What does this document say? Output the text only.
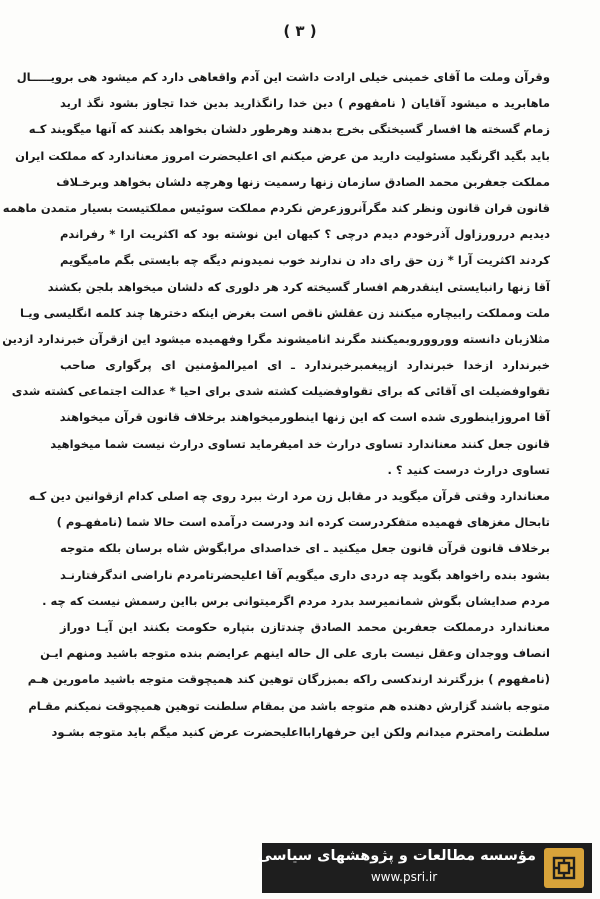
( ۳ )
وقرآن وملت ما آقای خمینی خیلی ارادت داشت این آدم واقعاهی دارد کم میشود هی برویـــــال
ماهابرید ه میشود آقایان ( نامفهوم ) دین خدا رانگذارید بدین خدا تجاوز بشود نگذ ارید
زمام گسخته ها افسار گسیختگی بخرج بدهند وهرطور دلشان بخواهد بکنند که آنها میگویند کـه
باید بگید اگرنگید مسئولیت دارید من عرض میکنم ای اعلیحضرت امروز معناندارد که مملکت ایران
مملکت جعفربن محمد الصادق سازمان زنها رسمیت زنها وهرچه دلشان بخواهد وبرخـلاف
قانون قران قانون ونظر کند مگرآنروزعرض نکردم مملکت سوئیس مملکتیست بسیار متمدن ماهمه
دیدیم دررورزاول آذرخودم دیدم درچی ؟ کیهان این نوشته بود که اکثریت ارا * رفراندم
کردند اکثریت آرا * زن حق رای داد ن ندارند خوب نمیدونم دیگه چه بایستی بگم مامیگویم
آقا زنها رانبایستی اینقدرهم افسار گسیخته کرد هر دلوری که دلشان میخواهد بلجن بکشند
ملت ومملکت رابیچاره میکنند زن عقلش ناقص است بغرض اینکه دخترها چند کلمه انگلیسی ویـا
مثلازبان دانسته وورووروبمیکنند مگرند انامیشوند مگرا وفهمیده میشود این ازقرآن خبرندارد ازدین
خبرندارد ازخدا خبرندارد ازپیغمبرخبرندارد ـ ای امیرالمؤمنین ای پرگواری صاحب
تقواوفضیلت ای آقائی که برای تقواوفضیلت کشته شدی برای احیا * عدالت اجتماعی کشته شدی
آقا امروزاینطوری شده است که این زنها اینطورمیخواهند برخلاف قانون قرآن میخواهند
قانون جعل کنند معناندارد تساوی درارث خد امیفرماید تساوی درارث نیست شما میخواهید
تساوی درارث درست کنید ؟ .
معناندارد وقتی قرآن میگوید در مقابل زن مرد ارث ببرد روی چه اصلی کدام ازقوانین دین کـه
تابحال مغزهای فهمیده متفکردرست کرده اند ودرست درآمده است حالا شما (نامفهـوم )
برخلاف قانون قرآن قانون جعل میکنید ـ ای خداصدای مرابگوش شاه برسان بلکه متوجه
بشود بنده راخواهد بگوید چه دردی داری میگویم آقا اعلیحضرتامردم ناراضی اندگرفتارنـد
مردم صدایشان بگوش شمانمیرسد بدرد مردم اگرمیتوانی برس بااین رسمش نیست که چه .
معناندارد درمملکت جعفربن محمد الصادق چندتازن بتپاره حکومت بکنند این آیـا دوراز
انصاف ووجدان وعقل نیست باری علی ال حاله اینهم عرایضم بنده متوجه باشید ومنهم ایـن
(نامفهوم ) بزرگترند ارندکسی راکه بمبزرگان توهین کند همیچوقت متوجه باشید مامورین هـم
متوجه باشند گزارش دهنده هم متوجه باشد من بمقام سلطنت توهین همیچوقت نمیکنم مقـام
سلطنت رامحترم میدانم ولکن این حرفهارابااعلیحضرت عرض کنید میگم باید متوجه بشـود
مؤسسه مطالعات و پژوهشهای سیاسی
www.psri.ir
